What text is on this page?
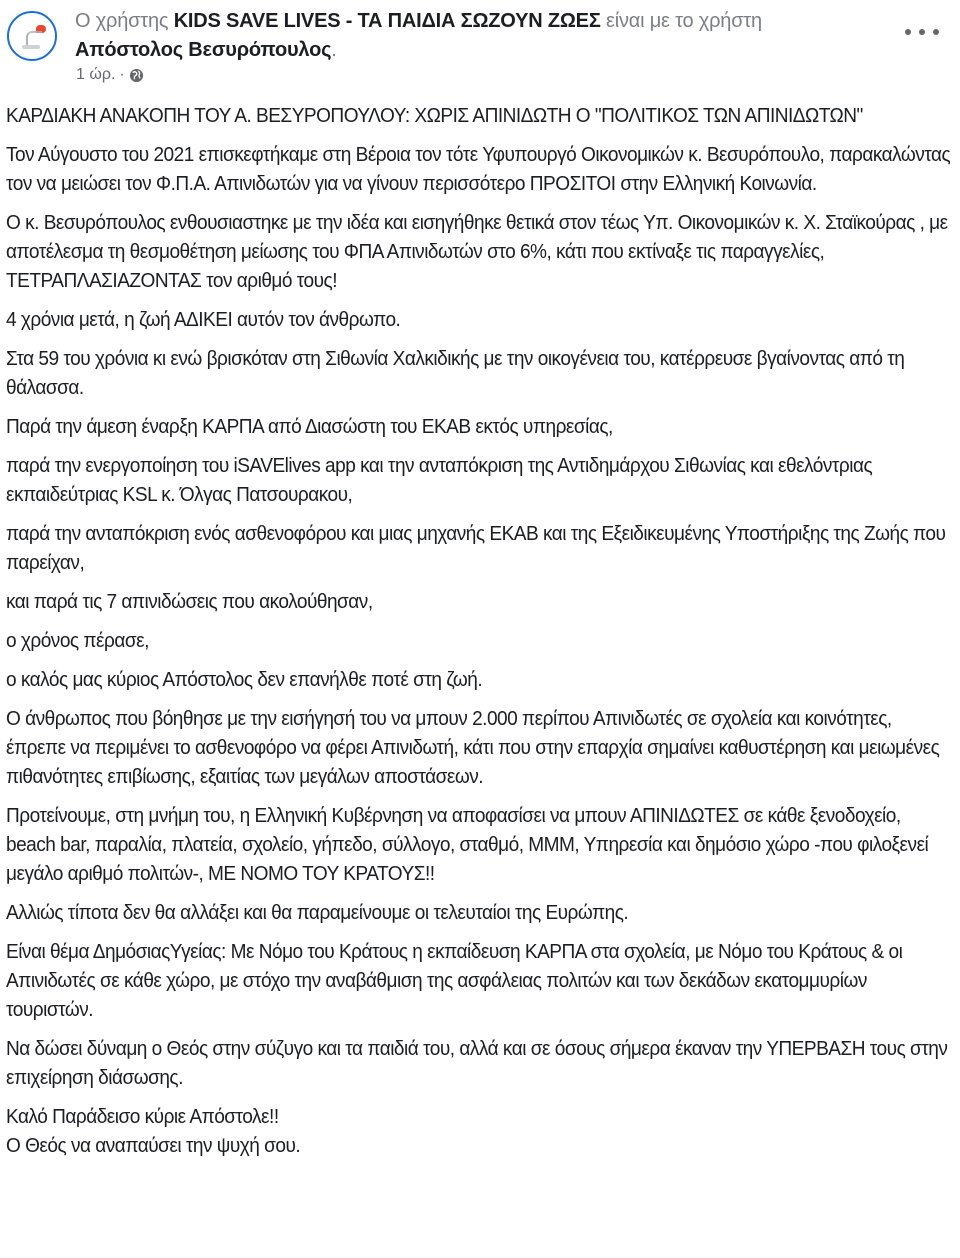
Ο χρήστης KIDS SAVE LIVES - ΤΑ ΠΑΙΔΙΑ ΣΩΖΟΥΝ ΖΩΕΣ είναι με το χρήστη
Απόστολος Βεσυρόπουλος.
1 ώρ. ·

ΚΑΡΔΙΑΚΗ ΑΝΑΚΟΠΗ ΤΟΥ Α. ΒΕΣΥΡΟΠΟΥΛΟΥ: ΧΩΡΙΣ ΑΠΙΝΙΔΩΤΗ Ο "ΠΟΛΙΤΙΚΟΣ ΤΩΝ ΑΠΙΝΙΔΩΤΩΝ"

Τον Αύγουστο του 2021 επισκεφτήκαμε στη Βέροια τον τότε Υφυπουργό Οικονομικών κ. Βεσυρόπουλο, παρακαλώντας τον να μειώσει τον Φ.Π.Α. Απινιδωτών για να γίνουν περισσότερο ΠΡΟΣΙΤΟΙ στην Ελληνική Κοινωνία.

Ο κ. Βεσυρόπουλος ενθουσιαστηκε με την ιδέα και εισηγήθηκε θετικά στον τέως Υπ. Οικονομικών κ. Χ. Σταϊκούρας , με αποτέλεσμα τη θεσμοθέτηση μείωσης του ΦΠΑ Απινιδωτών στο 6%, κάτι που εκτίναξε τις παραγγελίες, ΤΕΤΡΑΠΛΑΣΙΑΖΟΝΤΑΣ τον αριθμό τους!

4 χρόνια μετά, η ζωή ΑΔΙΚΕΙ αυτόν τον άνθρωπο.

Στα 59 του χρόνια κι ενώ βρισκόταν στη Σιθωνία Χαλκιδικής με την οικογένεια του, κατέρρευσε βγαίνοντας από τη θάλασσα.

Παρά την άμεση έναρξη ΚΑΡΠΑ από Διασώστη του ΕΚΑΒ εκτός υπηρεσίας,

παρά την ενεργοποίηση του iSAVElives app και την ανταπόκριση της Αντιδημάρχου Σιθωνίας και εθελόντριας εκπαιδεύτριας KSL κ. Όλγας Πατσουρακου,

παρά την ανταπόκριση ενός ασθενοφόρου και μιας μηχανής ΕΚΑΒ και της Εξειδικευμένης Υποστήριξης της Ζωής που παρείχαν,

και παρά τις 7 απινιδώσεις που ακολούθησαν,

ο χρόνος πέρασε,

ο καλός μας κύριος Απόστολος δεν επανήλθε ποτέ στη ζωή.

Ο άνθρωπος που βόηθησε με την εισήγησή του να μπουν 2.000 περίπου Απινιδωτές σε σχολεία και κοινότητες, έπρεπε να περιμένει το ασθενοφόρο να φέρει Απινιδωτή, κάτι που στην επαρχία σημαίνει καθυστέρηση και μειωμένες πιθανότητες επιβίωσης, εξαιτίας των μεγάλων αποστάσεων.

Προτείνουμε, στη μνήμη του, η Ελληνική Κυβέρνηση να αποφασίσει να μπουν ΑΠΙΝΙΔΩΤΕΣ σε κάθε ξενοδοχείο, beach bar, παραλία, πλατεία, σχολείο, γήπεδο, σύλλογο, σταθμό, ΜΜΜ, Υπηρεσία και δημόσιο χώρο -που φιλοξενεί μεγάλο αριθμό πολιτών-, ΜΕ ΝΟΜΟ ΤΟΥ ΚΡΑΤΟΥΣ!!

Αλλιώς τίποτα δεν θα αλλάξει και θα παραμείνουμε οι τελευταίοι της Ευρώπης.

Είναι θέμα ΔημόσιαςΥγείας: Με Νόμο του Κράτους η εκπαίδευση ΚΑΡΠΑ στα σχολεία, με Νόμο του Κράτους & οι Απινιδωτές σε κάθε χώρο, με στόχο την αναβάθμιση της ασφάλειας πολιτών και των δεκάδων εκατομμυρίων τουριστών.

Να δώσει δύναμη ο Θεός στην σύζυγο και τα παιδιά του, αλλά και σε όσους σήμερα έκαναν την ΥΠΕΡΒΑΣΗ τους στην επιχείρηση διάσωσης.

Καλό Παράδεισο κύριε Απόστολε!!
Ο Θεός να αναπαύσει την ψυχή σου.
